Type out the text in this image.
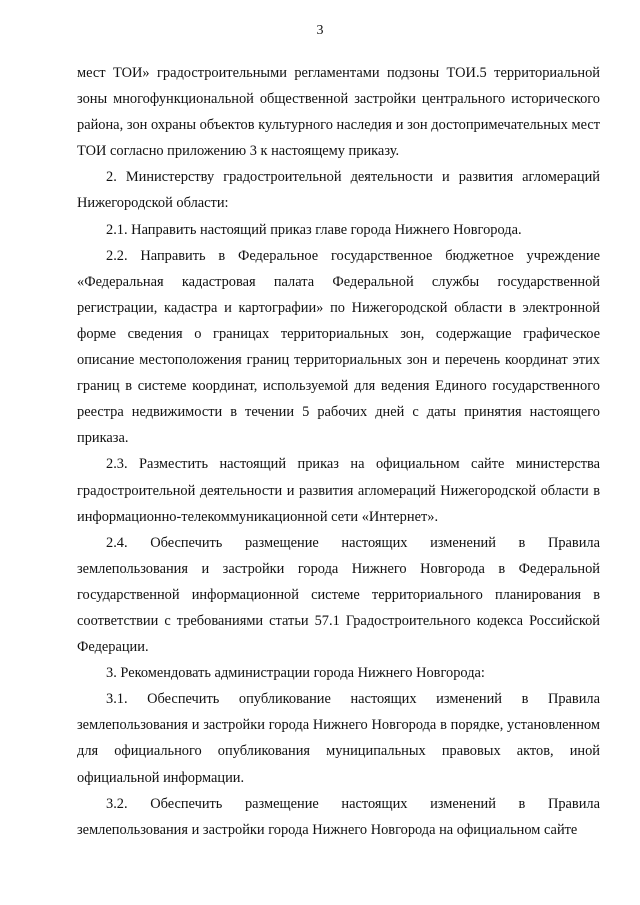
3

мест ТОИ» градостроительными регламентами подзоны ТОИ.5 территориальной зоны многофункциональной общественной застройки центрального исторического района, зон охраны объектов культурного наследия и зон достопримечательных мест ТОИ согласно приложению 3 к настоящему приказу.

2. Министерству градостроительной деятельности и развития агломераций Нижегородской области:

2.1. Направить настоящий приказ главе города Нижнего Новгорода.

2.2. Направить в Федеральное государственное бюджетное учреждение «Федеральная кадастровая палата Федеральной службы государственной регистрации, кадастра и картографии» по Нижегородской области в электронной форме сведения о границах территориальных зон, содержащие графическое описание местоположения границ территориальных зон и перечень координат этих границ в системе координат, используемой для ведения Единого государственного реестра недвижимости в течении 5 рабочих дней с даты принятия настоящего приказа.

2.3. Разместить настоящий приказ на официальном сайте министерства градостроительной деятельности и развития агломераций Нижегородской области в информационно-телекоммуникационной сети «Интернет».

2.4. Обеспечить размещение настоящих изменений в Правила землепользования и застройки города Нижнего Новгорода в Федеральной государственной информационной системе территориального планирования в соответствии с требованиями статьи 57.1 Градостроительного кодекса Российской Федерации.

3. Рекомендовать администрации города Нижнего Новгорода:

3.1. Обеспечить опубликование настоящих изменений в Правила землепользования и застройки города Нижнего Новгорода в порядке, установленном для официального опубликования муниципальных правовых актов, иной официальной информации.

3.2. Обеспечить размещение настоящих изменений в Правила землепользования и застройки города Нижнего Новгорода на официальном сайте
